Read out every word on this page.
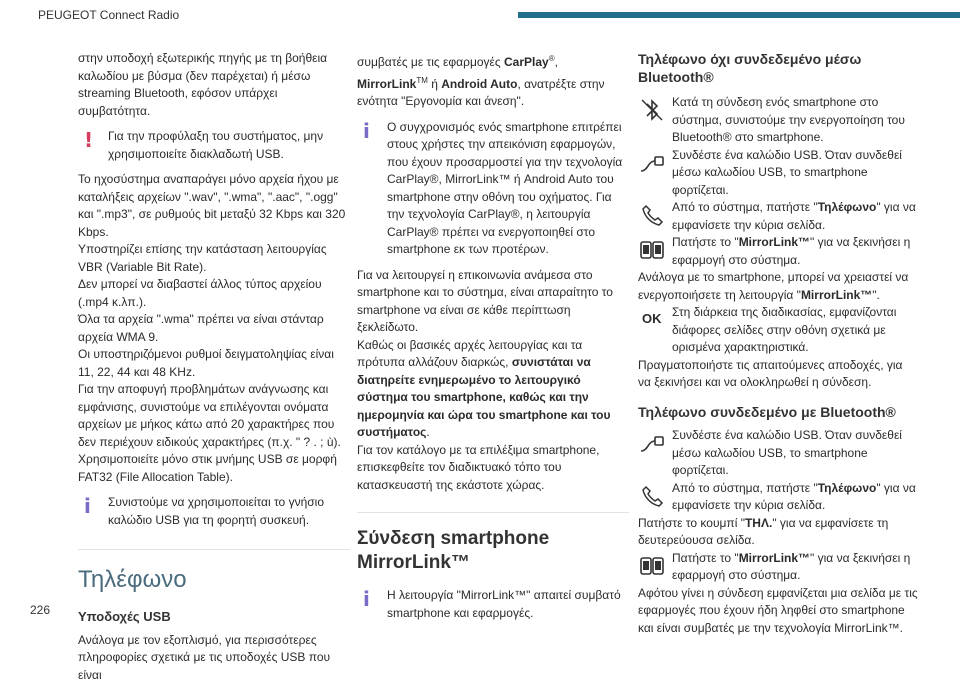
PEUGEOT Connect Radio

στην υποδοχή εξωτερικής πηγής με τη βοήθεια καλωδίου με βύσμα (δεν παρέχεται) ή μέσω streaming Bluetooth, εφόσον υπάρχει συμβατότητα.

! Για την προφύλαξη του συστήματος, μην χρησιμοποιείτε διακλαδωτή USB.

Το ηχοσύστημα αναπαράγει μόνο αρχεία ήχου με καταλήξεις αρχείων ".wav", ".wma", ".aac", ".ogg" και ".mp3", σε ρυθμούς bit μεταξύ 32 Kbps και 320 Kbps.

Υποστηρίζει επίσης την κατάσταση λειτουργίας VBR (Variable Bit Rate).

Δεν μπορεί να διαβαστεί άλλος τύπος αρχείου (.mp4 κ.λπ.).

Όλα τα αρχεία ".wma" πρέπει να είναι στάνταρ αρχεία WMA 9.

Οι υποστηριζόμενοι ρυθμοί δειγματοληψίας είναι 11, 22, 44 και 48 KHz.

Για την αποφυγή προβλημάτων ανάγνωσης και εμφάνισης, συνιστούμε να επιλέγονται ονόματα αρχείων με μήκος κάτω από 20 χαρακτήρες που δεν περιέχουν ειδικούς χαρακτήρες (π.χ. " ? . ; ù).

Χρησιμοποιείτε μόνο στικ μνήμης USB σε μορφή FAT32 (File Allocation Table).

i Συνιστούμε να χρησιμοποιείται το γνήσιο καλώδιο USB για τη φορητή συσκευή.

Τηλέφωνο
Υποδοχές USB

Ανάλογα με τον εξοπλισμό, για περισσότερες πληροφορίες σχετικά με τις υποδοχές USB που είναι

συμβατές με τις εφαρμογές CarPlay®, MirrorLink™ ή Android Auto, ανατρέξτε στην ενότητα "Εργονομία και άνεση".

i Ο συγχρονισμός ενός smartphone επιτρέπει στους χρήστες την απεικόνιση εφαρμογών, που έχουν προσαρμοστεί για την τεχνολογία CarPlay®, MirrorLink™ ή Android Auto του smartphone στην οθόνη του οχήματος. Για την τεχνολογία CarPlay®, η λειτουργία CarPlay® πρέπει να ενεργοποιηθεί στο smartphone εκ των προτέρων.

Για να λειτουργεί η επικοινωνία ανάμεσα στο smartphone και το σύστημα, είναι απαραίτητο το smartphone να είναι σε κάθε περίπτωση ξεκλείδωτο.

Καθώς οι βασικές αρχές λειτουργίας και τα πρότυπα αλλάζουν διαρκώς, συνιστάται να διατηρείτε ενημερωμένο το λειτουργικό σύστημα του smartphone, καθώς και την ημερομηνία και ώρα του smartphone και του συστήματος.

Για τον κατάλογο με τα επιλέξιμα smartphone, επισκεφθείτε τον διαδικτυακό τόπο του κατασκευαστή της εκάστοτε χώρας.

Σύνδεση smartphone MirrorLink™
i Η λειτουργία "MirrorLink™" απαιτεί συμβατό smartphone και εφαρμογές.

Τηλέφωνο όχι συνδεδεμένο μέσω Bluetooth®

Κατά τη σύνδεση ενός smartphone στο σύστημα, συνιστούμε την ενεργοποίηση του Bluetooth® στο smartphone.

Συνδέστε ένα καλώδιο USB. Όταν συνδεθεί μέσω καλωδίου USB, το smartphone φορτίζεται.

Από το σύστημα, πατήστε "Τηλέφωνο" για να εμφανίσετε την κύρια σελίδα.

Πατήστε το "MirrorLink™" για να ξεκινήσει η εφαρμογή στο σύστημα.

Ανάλογα με το smartphone, μπορεί να χρειαστεί να ενεργοποιήσετε τη λειτουργία "MirrorLink™".

OK Στη διάρκεια της διαδικασίας, εμφανίζονται διάφορες σελίδες στην οθόνη σχετικά με ορισμένα χαρακτηριστικά.

Πραγματοποιήστε τις απαιτούμενες αποδοχές, για να ξεκινήσει και να ολοκληρωθεί η σύνδεση.

Τηλέφωνο συνδεδεμένο με Bluetooth®

Συνδέστε ένα καλώδιο USB. Όταν συνδεθεί μέσω καλωδίου USB, το smartphone φορτίζεται.

Από το σύστημα, πατήστε "Τηλέφωνο" για να εμφανίσετε την κύρια σελίδα.

Πατήστε το κουμπί "ΤΗΛ." για να εμφανίσετε τη δευτερεύουσα σελίδα.

Πατήστε το "MirrorLink™" για να ξεκινήσει η εφαρμογή στο σύστημα.

Αφότου γίνει η σύνδεση εμφανίζεται μια σελίδα με τις εφαρμογές που έχουν ήδη ληφθεί στο smartphone και είναι συμβατές με την τεχνολογία MirrorLink™.

226
